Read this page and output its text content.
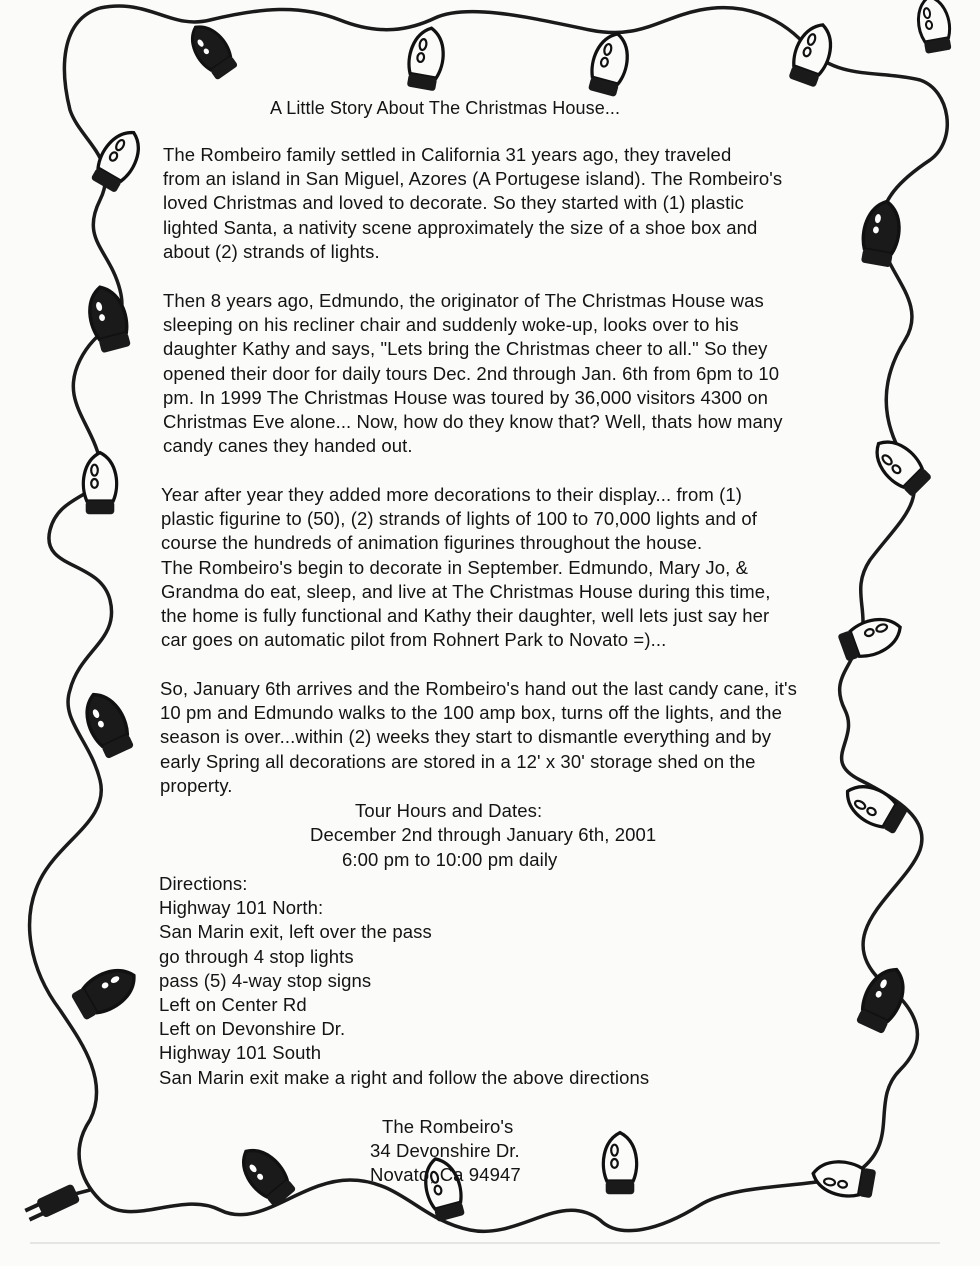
A Little Story About The Christmas House...
The Rombeiro family settled in California 31 years ago, they traveled
from an island in San Miguel, Azores (A Portugese island). The Rombeiro's
loved Christmas and loved to decorate. So they started with (1) plastic
lighted Santa, a nativity scene approximately the size of a shoe box and
about (2) strands of lights.
Then 8 years ago, Edmundo, the originator of The Christmas House was
sleeping on his recliner chair and suddenly woke-up, looks over to his
daughter Kathy and says, "Lets bring the Christmas cheer to all." So they
opened their door for daily tours Dec. 2nd through Jan. 6th from 6pm to 10
pm. In 1999 The Christmas House was toured by 36,000 visitors 4300 on
Christmas Eve alone... Now, how do they know that? Well, thats how many
candy canes they handed out.
Year after year they added more decorations to their display... from (1)
plastic figurine to (50), (2) strands of lights of 100 to 70,000 lights and of
course the hundreds of animation figurines throughout the house.
The Rombeiro's begin to decorate in September. Edmundo, Mary Jo, &
Grandma do eat, sleep, and live at The Christmas House during this time,
the home is fully functional and Kathy their daughter, well lets just say her
car goes on automatic pilot from Rohnert Park to Novato =)...
So, January 6th arrives and the Rombeiro's hand out the last candy cane, it's
10 pm and Edmundo walks to the 100 amp box, turns off the lights, and the
season is over...within (2) weeks they start to dismantle everything and by
early Spring all decorations are stored in a 12' x 30' storage shed on the
property.
Tour Hours and Dates:
December 2nd through January 6th, 2001
6:00 pm to 10:00 pm daily
Directions:
Highway 101 North:
San Marin exit, left over the pass
go through 4 stop lights
pass (5) 4-way stop signs
Left on Center Rd
Left on Devonshire Dr.
Highway 101 South
San Marin exit make a right and follow the above directions
The Rombeiro's
34 Devonshire Dr.
Novato, Ca 94947
